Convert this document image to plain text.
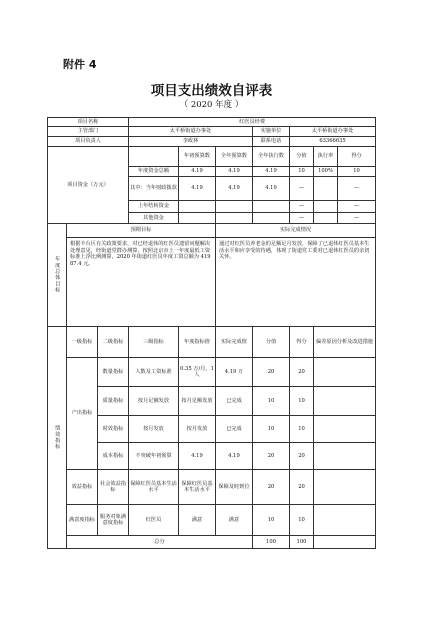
附件 4
项目支出绩效自评表
（ 2020 年度 ）
项目名称			红医员经费						
主管部门			太平桥街道办事处			实施单位	太平桥街道办事处		
项目负责人			李政林			联系电话	63366635		
项目资金（万元）				年初预算数	全年预算数	全年执行数	分值	执行率	得分
			年度资金总额	4.19	4.19	4.19	10	100%	10
			其中：当年财政拨款	4.19	4.19	4.19	—		—
			上年结转资金				—		—
			其他资金				—		—

年度总体目标	预期目标				实际完成情况				
	根据丰台区有关政策要求，对已经退休的红医员遗留问题解决处理意见，经街道党群办测算，按照北京市上一年度最低工资标准上浮比例测算，2020 年街道红医员年度工资总额为 41987.4 元。				通过对红医员养老金的足额足月发放，保障了已退休红医员基本生活水平和应享受的待遇，体现了街道党工委对已退休红医员的亲切关怀。				

绩效指标	一级指标	二级指标	三级指标	年度指标值	实际完成值	分值	得分	偏差原因分析及改进措施	
	产出指标	数量指标	人数及工资标准	0.35 万/月，1 人	4.19 万	20	20		
		质量指标	按月足额发放	按月足额发放	已完成	10	10		
		时效指标	按月发放	按月发放	已完成	10	10		
		成本指标	不突破年初预算	4.19	4.19	20	20		
	效益指标	社会效益指标	保障红医员基本生活水平	保障红医员基本生活水平	保障及时到位	20	20		
	满意度指标	服务对象满意度指标	红医员	满意	满意	10	10		
	总分					100	100		
